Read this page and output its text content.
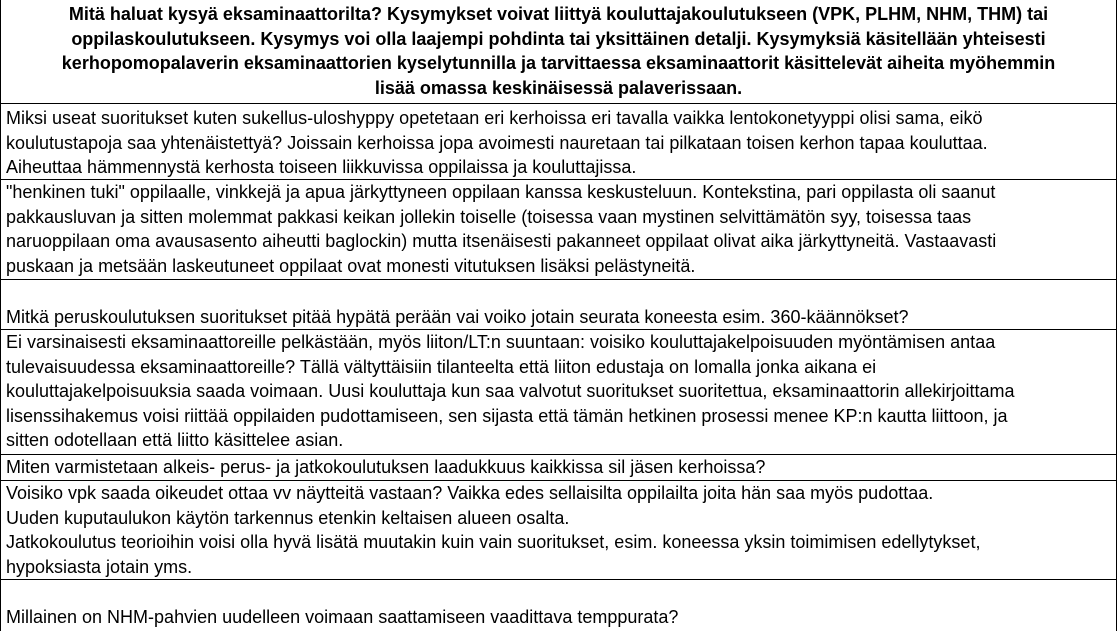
Mitä haluat kysyä eksaminaattorilta? Kysymykset voivat liittyä kouluttajakoulutukseen (VPK, PLHM, NHM, THM) tai
oppilaskoulutukseen. Kysymys voi olla laajempi pohdinta tai yksittäinen detalji. Kysymyksiä käsitellään yhteisesti
kerhopomopalaverin eksaminaattorien kyselytunnilla ja tarvittaessa eksaminaattorit käsittelevät aiheita myöhemmin
lisää omassa keskinäisessä palaverissaan.
Miksi useat suoritukset kuten sukellus-uloshyppy opetetaan eri kerhoissa eri tavalla vaikka lentokonetyyppi olisi sama, eikö
koulutustapoja saa yhtenäistettyä? Joissain kerhoissa jopa avoimesti nauretaan tai pilkataan toisen kerhon tapaa kouluttaa.
Aiheuttaa hämmennystä kerhosta toiseen liikkuvissa oppilaissa ja kouluttajissa.
"henkinen tuki" oppilaalle, vinkkejä ja apua järkyttyneen oppilaan kanssa keskusteluun. Kontekstina, pari oppilasta oli saanut
pakkausluvan ja sitten molemmat pakkasi keikan jollekin toiselle (toisessa vaan mystinen selvittämätön syy, toisessa taas
naruoppilaan oma avausasento aiheutti baglockin) mutta itsenäisesti pakanneet oppilaat olivat aika järkyttyneitä. Vastaavasti
puskaan ja metsään laskeutuneet oppilaat ovat monesti vitutuksen lisäksi pelästyneitä.

Mitkä peruskoulutuksen suoritukset pitää hypätä perään vai voiko jotain seurata koneesta esim. 360-käännökset?
Ei varsinaisesti eksaminaattoreille pelkästään, myös liiton/LT:n suuntaan: voisiko kouluttajakelpoisuuden myöntämisen antaa
tulevaisuudessa eksaminaattoreille? Tällä vältyttäisiin tilanteelta että liiton edustaja on lomalla jonka aikana ei
kouluttajakelpoisuuksia saada voimaan. Uusi kouluttaja kun saa valvotut suoritukset suoritettua, eksaminaattorin allekirjoittama
lisenssihakemus voisi riittää oppilaiden pudottamiseen, sen sijasta että tämän hetkinen prosessi menee KP:n kautta liittoon, ja
sitten odotellaan että liitto käsittelee asian.
Miten varmistetaan alkeis- perus- ja jatkokoulutuksen laadukkuus kaikkissa sil jäsen kerhoissa?
Voisiko vpk saada oikeudet ottaa vv näytteitä vastaan? Vaikka edes sellaisilta oppilailta joita hän saa myös pudottaa.
Uuden kuputaulukon käytön tarkennus etenkin keltaisen alueen osalta.
Jatkokoulutus teorioihin voisi olla hyvä lisätä muutakin kuin vain suoritukset, esim. koneessa yksin toimimisen edellytykset,
hypoksiasta jotain yms.

Millainen on NHM-pahvien uudelleen voimaan saattamiseen vaadittava temppurata?
